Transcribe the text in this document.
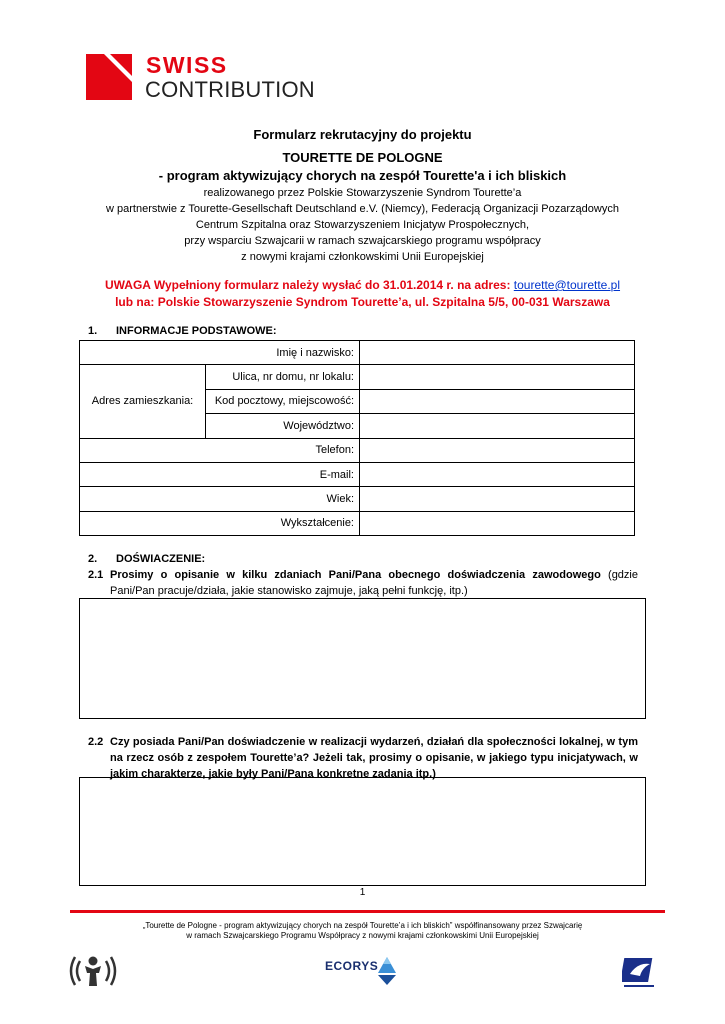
SWISS
CONTRIBUTION
Formularz rekrutacyjny do projektu
TOURETTE DE POLOGNE
- program aktywizujący chorych na zespół Tourette'a i ich bliskich
realizowanego przez Polskie Stowarzyszenie Syndrom Tourette’a
w partnerstwie z Tourette-Gesellschaft Deutschland e.V. (Niemcy), Federacją Organizacji Pozarządowych
Centrum Szpitalna oraz Stowarzyszeniem Inicjatyw Prospołecznych,
przy wsparciu Szwajcarii w ramach szwajcarskiego programu współpracy
z nowymi krajami członkowskimi Unii Europejskiej
UWAGA Wypełniony formularz należy wysłać do 31.01.2014 r. na adres: tourette@tourette.pl
lub na: Polskie Stowarzyszenie Syndrom Tourette’a, ul. Szpitalna 5/5, 00-031 Warszawa
1. INFORMACJE PODSTAWOWE:
Imię i nazwisko:		
Adres zamieszkania:	Ulica, nr domu, nr lokalu:	
	Kod pocztowy, miejscowość:	
	Województwo:	
Telefon:		
E-mail:		
Wiek:		
Wykształcenie:		
2. DOŚWIACZENIE:
2.1 Prosimy o opisanie w kilku zdaniach Pani/Pana obecnego doświadczenia zawodowego (gdzie Pani/Pan pracuje/działa, jakie stanowisko zajmuje, jaką pełni funkcję, itp.)
2.2 Czy posiada Pani/Pan doświadczenie w realizacji wydarzeń, działań dla społeczności lokalnej, w tym na rzecz osób z zespołem Tourette’a? Jeżeli tak, prosimy o opisanie, w jakiego typu inicjatywach, w jakim charakterze, jakie były Pani/Pana konkretne zadania itp.)
1
„Tourette de Pologne - program aktywizujący chorych na zespół Tourette’a i ich bliskich” współfinansowany przez Szwajcarię
w ramach Szwajcarskiego Programu Współpracy z nowymi krajami członkowskimi Unii Europejskiej
ECORYS
